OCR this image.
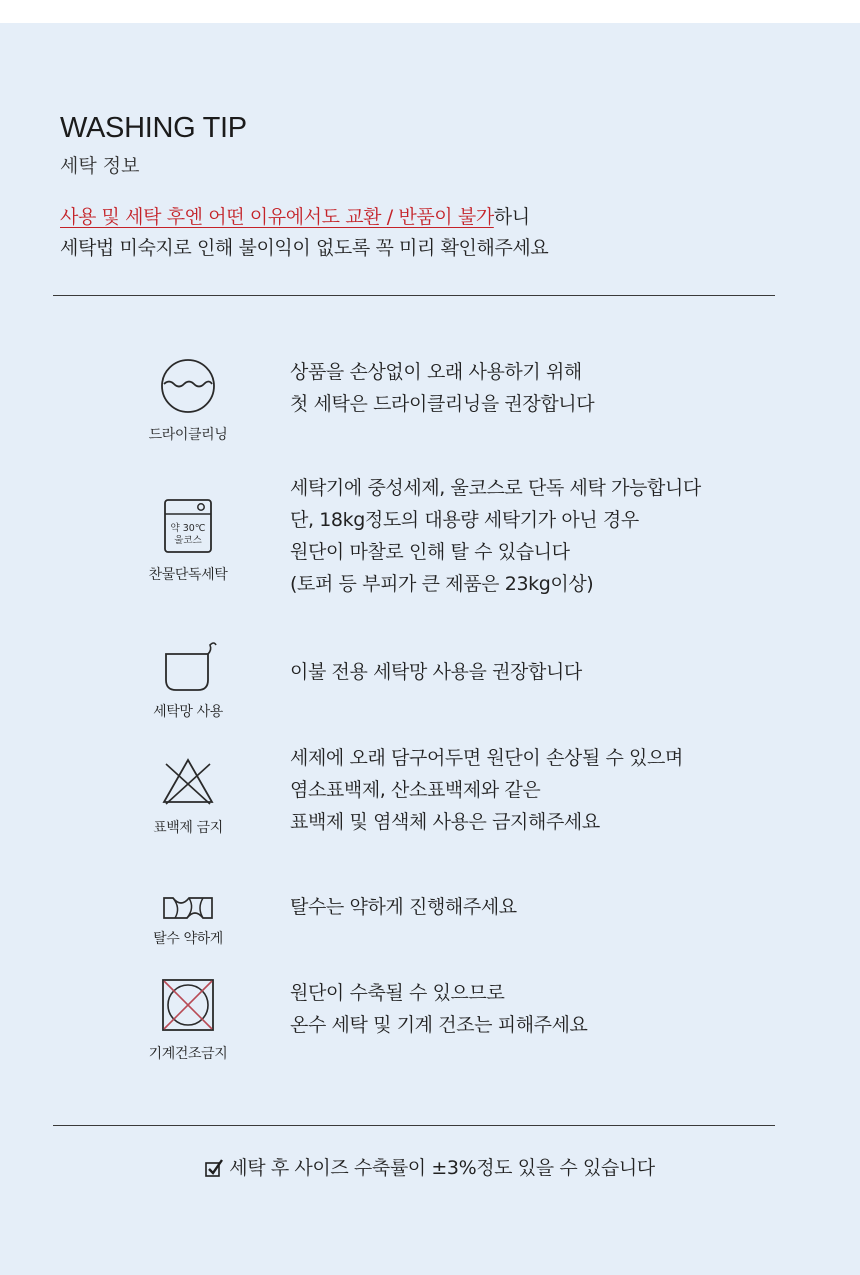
WASHING TIP
세탁 정보
사용 및 세탁 후엔 어떤 이유에서도 교환 / 반품이 불가하니
세탁법 미숙지로 인해 불이익이 없도록 꼭 미리 확인해주세요
드라이클리닝
상품을 손상없이 오래 사용하기 위해
첫 세탁은 드라이클리닝을 권장합니다
약 30℃
울코스
찬물단독세탁
세탁기에 중성세제, 울코스로 단독 세탁 가능합니다
단, 18kg정도의 대용량 세탁기가 아닌 경우
원단이 마찰로 인해 탈 수 있습니다
(토퍼 등 부피가 큰 제품은 23kg이상)
세탁망 사용
이불 전용 세탁망 사용을 권장합니다
표백제 금지
세제에 오래 담구어두면 원단이 손상될 수 있으며
염소표백제, 산소표백제와 같은
표백제 및 염색체 사용은 금지해주세요
탈수 약하게
탈수는 약하게 진행해주세요
기계건조금지
원단이 수축될 수 있으므로
온수 세탁 및 기계 건조는 피해주세요
세탁 후 사이즈 수축률이 ±3%정도 있을 수 있습니다
